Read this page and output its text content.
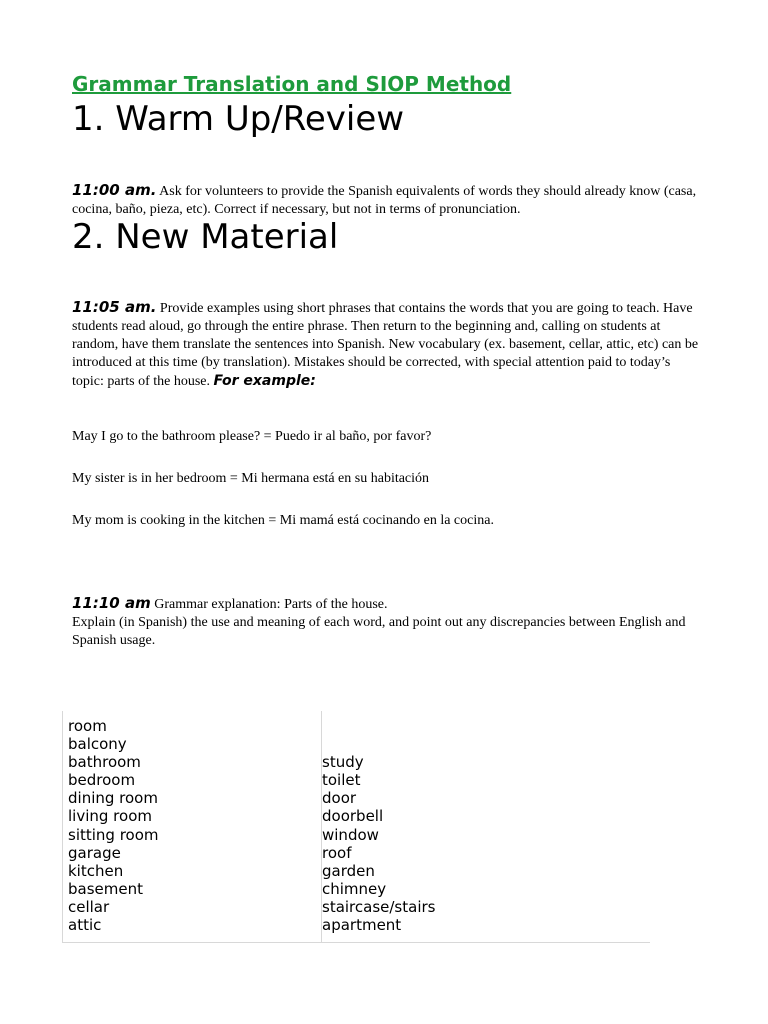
Grammar Translation and SIOP Method
1. Warm Up/Review
11:00 am. Ask for volunteers to provide the Spanish equivalents of words they should already know (casa, cocina, baño, pieza, etc). Correct if necessary, but not in terms of pronunciation.
2. New Material
11:05 am. Provide examples using short phrases that contains the words that you are going to teach. Have students read aloud, go through the entire phrase. Then return to the beginning and, calling on students at random, have them translate the sentences into Spanish. New vocabulary (ex. basement, cellar, attic, etc) can be introduced at this time (by translation). Mistakes should be corrected, with special attention paid to today’s topic: parts of the house. For example:
May I go to the bathroom please? = Puedo ir al baño, por favor?
My sister is in her bedroom = Mi hermana está en su habitación
My mom is cooking in the kitchen = Mi mamá está cocinando en la cocina.
11:10 am Grammar explanation: Parts of the house.
Explain (in Spanish) the use and meaning of each word, and point out any discrepancies between English and Spanish usage.
room
balcony
bathroom
bedroom
dining room
living room
sitting room
garage
kitchen
basement
cellar
attic

study
toilet
door
doorbell
window
roof
garden
chimney
staircase/stairs
apartment
